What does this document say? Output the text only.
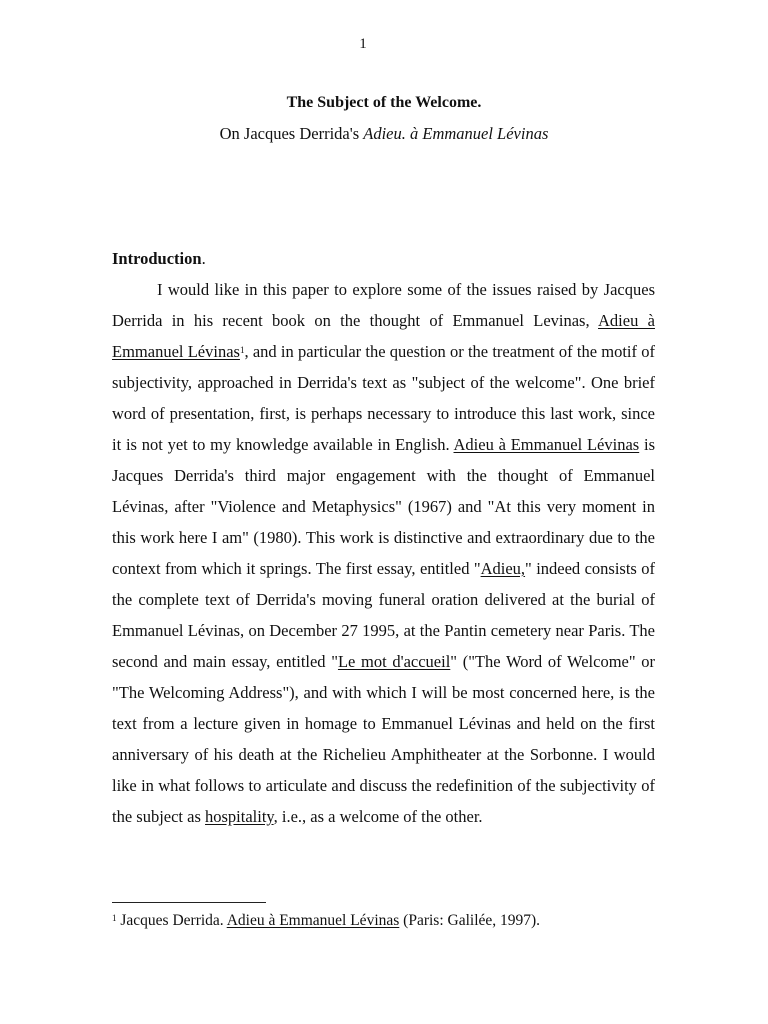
1
The Subject of the Welcome.
On Jacques Derrida's Adieu. à Emmanuel Lévinas

Introduction.

I would like in this paper to explore some of the issues raised by Jacques Derrida in his recent book on the thought of Emmanuel Levinas, Adieu à Emmanuel Lévinas$^1$, and in particular the question or the treatment of the motif of subjectivity, approached in Derrida's text as "subject of the welcome". One brief word of presentation, first, is perhaps necessary to introduce this last work, since it is not yet to my knowledge available in English. Adieu à Emmanuel Lévinas is Jacques Derrida's third major engagement with the thought of Emmanuel Lévinas, after "Violence and Metaphysics" (1967) and "At this very moment in this work here I am" (1980). This work is distinctive and extraordinary due to the context from which it springs. The first essay, entitled "Adieu," indeed consists of the complete text of Derrida's moving funeral oration delivered at the burial of Emmanuel Lévinas, on December 27 1995, at the Pantin cemetery near Paris. The second and main essay, entitled "Le mot d'accueil" ("The Word of Welcome" or "The Welcoming Address"), and with which I will be most concerned here, is the text from a lecture given in homage to Emmanuel Lévinas and held on the first anniversary of his death at the Richelieu Amphitheater at the Sorbonne. I would like in what follows to articulate and discuss the redefinition of the subjectivity of the subject as hospitality, i.e., as a welcome of the other.

$^1$ Jacques Derrida. Adieu à Emmanuel Lévinas (Paris: Galilée, 1997).
